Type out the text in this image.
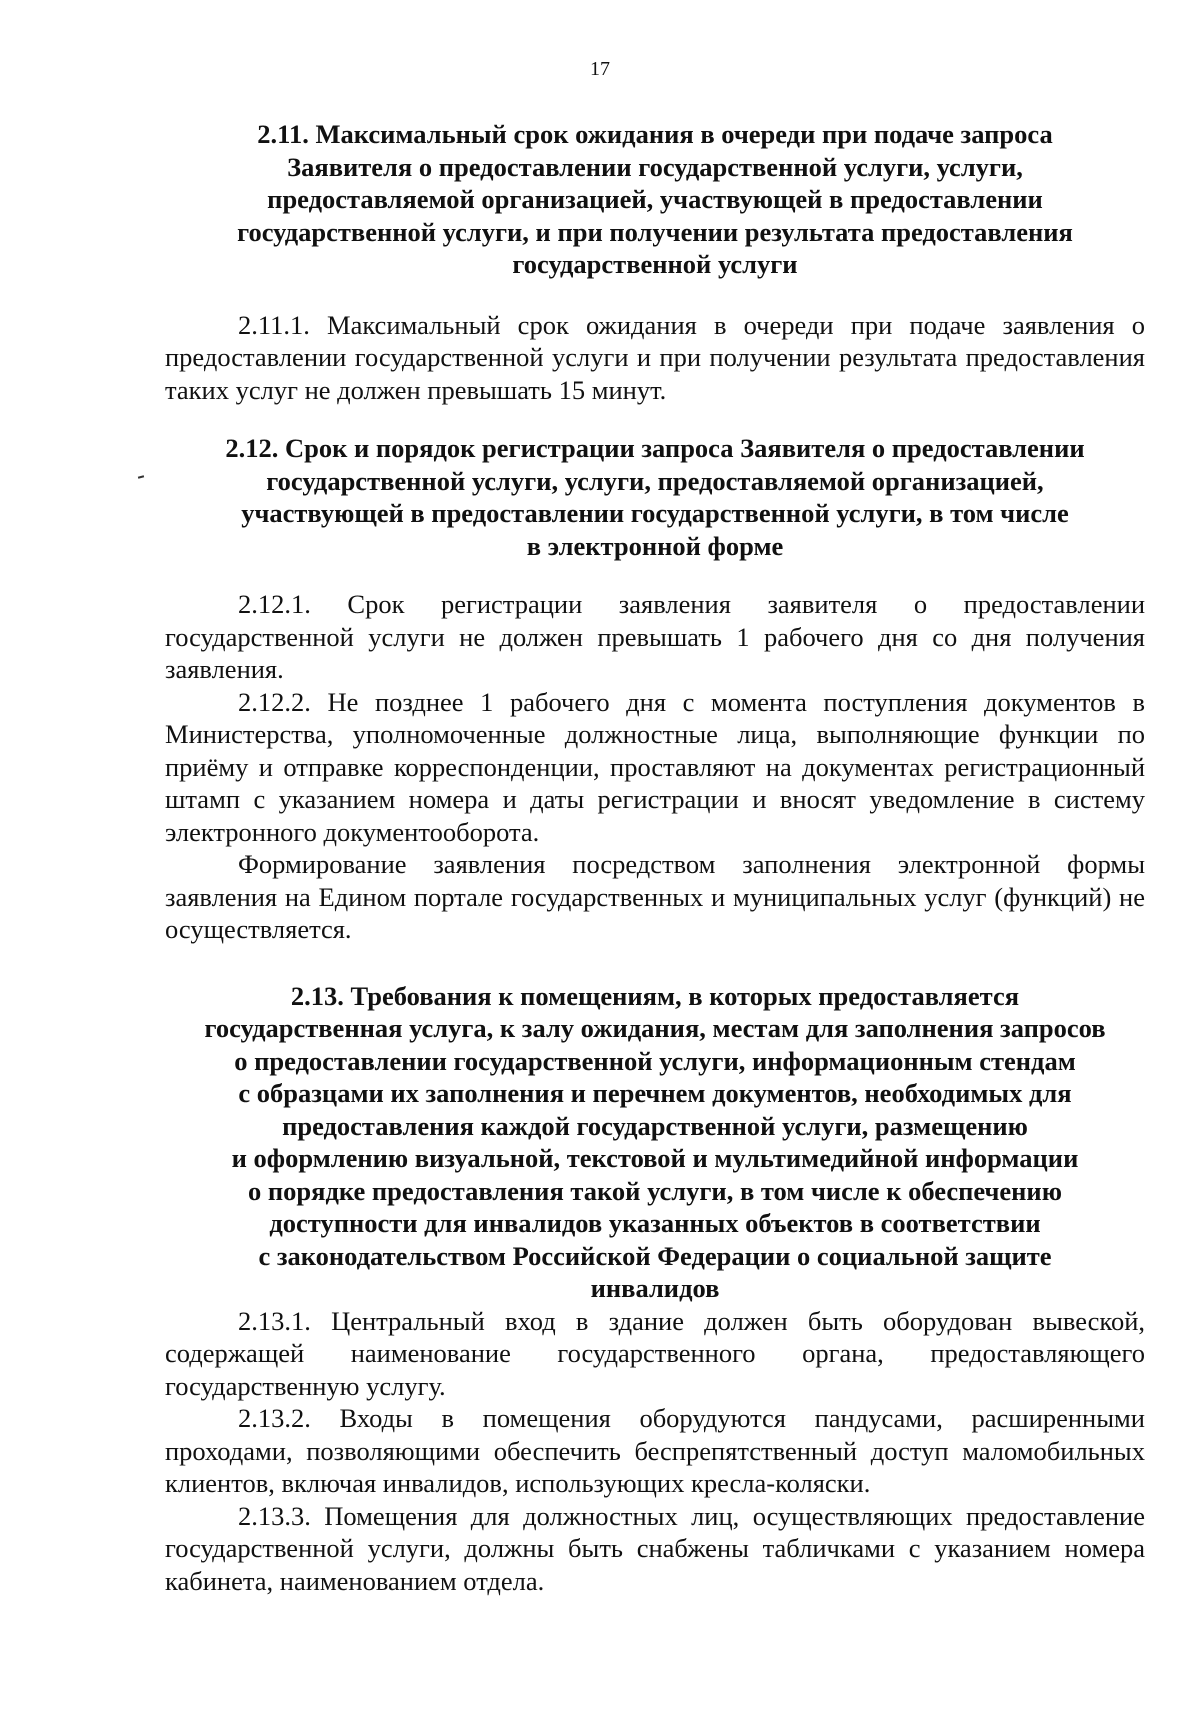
17
2.11. Максимальный срок ожидания в очереди при подаче запроса
Заявителя о предоставлении государственной услуги, услуги,
предоставляемой организацией, участвующей в предоставлении
государственной услуги, и при получении результата предоставления
государственной услуги

2.11.1. Максимальный срок ожидания в очереди при подаче заявления о предоставлении государственной услуги и при получении результата предоставления таких услуг не должен превышать 15 минут.

2.12. Срок и порядок регистрации запроса Заявителя о предоставлении
государственной услуги, услуги, предоставляемой организацией,
участвующей в предоставлении государственной услуги, в том числе
в электронной форме

2.12.1. Срок регистрации заявления заявителя о предоставлении государственной услуги не должен превышать 1 рабочего дня со дня получения заявления.

2.12.2. Не позднее 1 рабочего дня с момента поступления документов в Министерства, уполномоченные должностные лица, выполняющие функции по приёму и отправке корреспонденции, проставляют на документах регистрационный штамп с указанием номера и даты регистрации и вносят уведомление в систему электронного документооборота.

Формирование заявления посредством заполнения электронной формы заявления на Едином портале государственных и муниципальных услуг (функций) не осуществляется.

2.13. Требования к помещениям, в которых предоставляется
государственная услуга, к залу ожидания, местам для заполнения запросов
о предоставлении государственной услуги, информационным стендам
с образцами их заполнения и перечнем документов, необходимых для
предоставления каждой государственной услуги, размещению
и оформлению визуальной, текстовой и мультимедийной информации
о порядке предоставления такой услуги, в том числе к обеспечению
доступности для инвалидов указанных объектов в соответствии
с законодательством Российской Федерации о социальной защите
инвалидов

2.13.1. Центральный вход в здание должен быть оборудован вывеской, содержащей наименование государственного органа, предоставляющего государственную услугу.

2.13.2. Входы в помещения оборудуются пандусами, расширенными проходами, позволяющими обеспечить беспрепятственный доступ маломобильных клиентов, включая инвалидов, использующих кресла-коляски.

2.13.3. Помещения для должностных лиц, осуществляющих предоставление государственной услуги, должны быть снабжены табличками с указанием номера кабинета, наименованием отдела.
